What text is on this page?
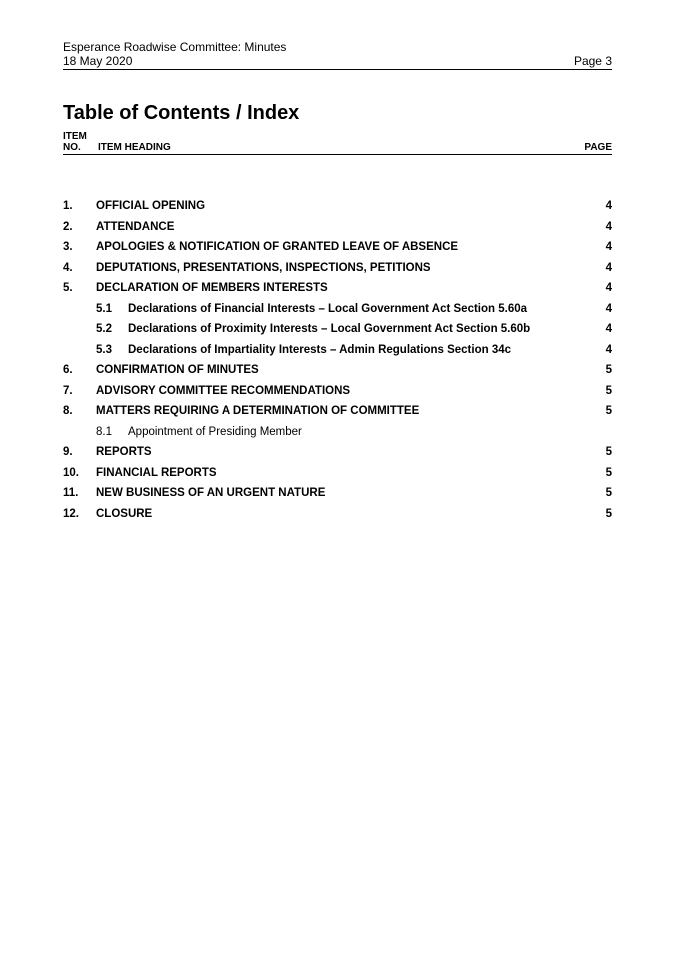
Esperance Roadwise Committee: Minutes
18 May 2020	Page 3
Table of Contents / Index
ITEM
NO.	ITEM HEADING	PAGE
1.	OFFICIAL OPENING	4
2.	ATTENDANCE	4
3.	APOLOGIES & NOTIFICATION OF GRANTED LEAVE OF ABSENCE	4
4.	DEPUTATIONS, PRESENTATIONS, INSPECTIONS, PETITIONS	4
5.	DECLARATION OF MEMBERS INTERESTS	4
5.1	Declarations of Financial Interests – Local Government Act Section 5.60a	4
5.2	Declarations of Proximity Interests – Local Government Act Section 5.60b	4
5.3	Declarations of Impartiality Interests – Admin Regulations Section 34c	4
6.	CONFIRMATION OF MINUTES	5
7.	ADVISORY COMMITTEE RECOMMENDATIONS	5
8.	MATTERS REQUIRING A DETERMINATION OF COMMITTEE	5
8.1	Appointment of Presiding Member
9.	REPORTS	5
10.	FINANCIAL REPORTS	5
11.	NEW BUSINESS OF AN URGENT NATURE	5
12.	CLOSURE	5
